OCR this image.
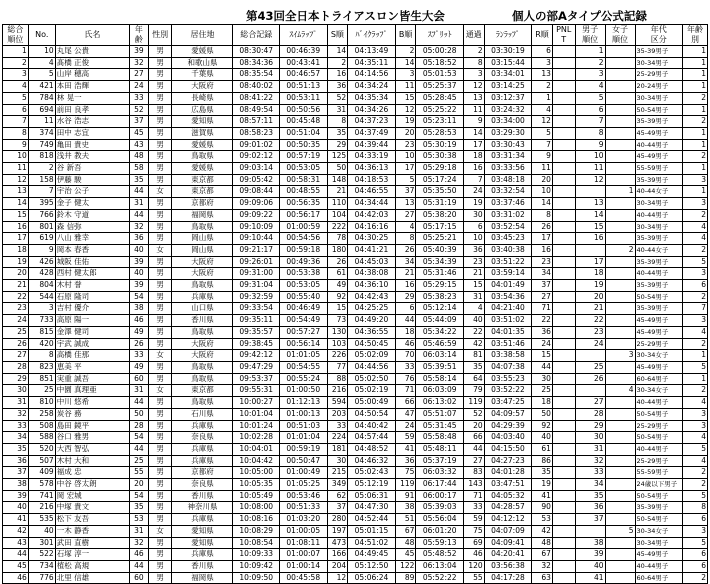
第43回全日本トライアスロン皆生大会	個人の部Aタイプ公式記録
総合
順位	No.	氏名	年
齢	性別	居住地	総合記録	ｽｲﾑﾗｯﾌﾟ	S順	ﾊﾞｲｸﾗｯﾌﾟ	B順	ｽﾌﾟﾘｯﾄ	通過	ﾗﾝﾗｯﾌﾟ	R順	PNL
T	男子
順位	女子
順位	年代
区分	年齢
別
1	10	丸尾 公貴	39	男	愛媛県	08:30:47	00:46:39	14	04:13:49	2	05:00:28	2	03:30:19	6		1		35-39男子	1
2	4	髙橋 正俊	32	男	和歌山県	08:34:36	00:43:41	2	04:35:11	14	05:18:52	8	03:15:44	3		2		30-34男子	1
3	5	山岸 穂高	27	男	千葉県	08:35:54	00:46:57	16	04:14:56	3	05:01:53	3	03:34:01	13		3		25-29男子	1
4	421	本田 浩輝	24	男	大阪府	08:40:02	00:51:13	36	04:34:24	11	05:25:37	12	03:14:25	2		4		20-24男子	1
5	784	林 晃一	33	男	長崎県	08:41:22	00:53:11	52	04:35:34	15	05:28:45	13	03:12:37	1		5		30-34男子	2
6	694	前田 良孝	52	男	広島県	08:49:54	00:50:56	31	04:34:26	12	05:25:22	11	03:24:32	4		6		50-54男子	1
7	11	水谷 浩志	37	男	愛知県	08:57:11	00:45:48	8	04:37:23	19	05:23:11	9	03:34:00	12		7		35-39男子	2
8	374	田中 志宜	45	男	滋賀県	08:58:23	00:51:04	35	04:37:49	20	05:28:53	14	03:29:30	5		8		45-49男子	1
9	749	亀田 貴史	43	男	愛媛県	09:01:02	00:50:35	29	04:39:44	23	05:30:19	17	03:30:43	7		9		40-44男子	1
10	818	浅井 教夫	48	男	鳥取県	09:02:12	00:57:19	125	04:33:19	10	05:30:38	18	03:31:34	9		10		45-49男子	2
11	2	谷 新吾	58	男	愛媛県	09:03:14	00:53:05	50	04:36:13	17	05:29:18	16	03:33:56	11		11		55-59男子	1
12	158	伊藤 駿	35	男	東京都	09:05:42	00:58:31	148	04:18:53	5	05:17:24	7	03:48:18	20		12		35-39男子	3
13	7	宇治 公子	44	女	東京都	09:08:44	00:48:55	21	04:46:55	37	05:35:50	24	03:32:54	10			1	40-44女子	1
14	395	金子 健太	31	男	京都府	09:09:06	00:56:35	110	04:34:44	13	05:31:19	19	03:37:46	14		13		30-34男子	3
15	766	鈴木 守道	44	男	福岡県	09:09:22	00:56:17	104	04:42:03	27	05:38:20	30	03:31:02	8		14		40-44男子	2
16	801	森 信弥	32	男	鳥取県	09:10:09	01:00:59	222	04:16:16	4	05:17:15	6	03:52:54	26		15		30-34男子	4
17	619	八山 雅幸	36	男	岡山県	09:10:44	00:54:56	78	04:30:25	8	05:25:21	10	03:45:23	17		16		35-39男子	4
18	9	岡本 春香	40	女	岡山県	09:21:17	00:59:18	180	04:41:21	26	05:40:39	36	03:40:38	16			2	40-44女子	2
19	426	城阪 佳佑	39	男	大阪府	09:26:01	00:49:36	26	04:45:03	34	05:34:39	23	03:51:22	23		17		35-39男子	5
20	428	西村 健太郎	40	男	大阪府	09:31:00	00:53:38	61	04:38:08	21	05:31:46	21	03:59:14	34		18		40-44男子	3
21	804	木村 誉	39	男	鳥取県	09:31:04	00:53:05	49	04:36:10	16	05:29:15	15	04:01:49	37		19		35-39男子	6
22	544	石原 隆司	54	男	兵庫県	09:32:59	00:55:40	92	04:42:43	29	05:38:23	31	03:54:36	27		20		50-54男子	2
23	3	吉村 優介	38	男	山口県	09:33:54	00:46:49	15	04:25:25	6	05:12:14	4	04:21:40	71		21		35-39男子	7
24	733	高原 陽一	46	男	香川県	09:35:11	00:54:49	73	04:49:20	44	05:44:09	40	03:51:02	22		22		45-49男子	3
25	815	金澤 健司	49	男	鳥取県	09:35:57	00:57:27	130	04:36:55	18	05:34:22	22	04:01:35	36		23		45-49男子	4
26	420	宇武 誠成	26	男	大阪府	09:38:45	00:56:14	103	04:50:45	46	05:46:59	42	03:51:46	24		24		25-29男子	2
27	8	高橋 佳那	33	女	大阪府	09:42:12	01:01:05	226	05:02:09	70	06:03:14	81	03:38:58	15			3	30-34女子	1
28	823	恵美 平	49	男	鳥取県	09:47:29	00:54:55	77	04:44:56	33	05:39:51	35	04:07:38	44		25		45-49男子	5
29	851	実重 誠吾	60	男	鳥取県	09:53:37	00:55:24	88	05:02:50	76	05:58:14	64	03:55:23	30		26		60-64男子	1
30	25	中園 真理亜	31	女	東京都	09:55:31	01:00:50	216	05:02:19	71	06:03:09	79	03:52:22	25			4	30-34女子	2
31	810	中川 悠希	44	男	鳥取県	10:00:27	01:12:13	594	05:00:49	66	06:13:02	119	03:47:25	18		27		40-44男子	4
32	258	炭谷 務	50	男	石川県	10:01:04	01:00:13	203	04:50:54	47	05:51:07	52	04:09:57	50		28		50-54男子	3
33	508	島田 鏡平	28	男	兵庫県	10:01:24	00:51:03	33	04:40:42	24	05:31:45	20	04:29:39	92		29		25-29男子	3
34	588	谷口 雅男	54	男	奈良県	10:02:28	01:01:04	224	04:57:44	59	05:58:48	66	04:03:40	40		30		50-54男子	4
35	520	大西 智弘	44	男	兵庫県	10:04:01	00:59:19	181	04:48:52	41	05:48:11	44	04:15:50	61		31		40-44男子	5
36	507	木村 大和	25	男	兵庫県	10:04:42	00:50:47	30	04:46:32	36	05:37:19	27	04:27:23	86		32		25-29男子	4
37	409	福成 忠	55	男	京都府	10:05:00	01:00:49	215	05:02:43	75	06:03:32	83	04:01:28	35		33		55-59男子	2
38	578	中谷 啓太朗	20	男	奈良県	10:05:35	01:05:25	349	05:12:19	119	06:17:44	143	03:47:51	19		34		24歳以下男子	2
39	741	岡 宏城	54	男	香川県	10:05:49	00:53:46	62	05:06:31	91	06:00:17	71	04:05:32	41		35		50-54男子	5
40	216	中塚 貴文	35	男	神奈川県	10:08:00	00:51:33	37	04:47:30	38	05:39:03	33	04:28:57	90		36		35-39男子	8
41	535	松下 友吾	53	男	兵庫県	10:08:16	01:03:20	280	04:52:44	51	05:56:04	59	04:12:12	53		37		50-54男子	6
42	40	一木 静香	31	女	愛知県	10:08:29	01:00:05	197	05:01:15	67	06:01:20	75	04:07:09	42			5	30-34女子	3
43	301	武田 直樹	32	男	愛知県	10:08:54	01:08:11	473	04:51:02	48	05:59:13	69	04:09:41	48		38		30-34男子	5
44	522	石塚 淳一	46	男	兵庫県	10:09:33	01:00:07	166	04:49:45	45	05:48:52	46	04:20:41	67		39		45-49男子	6
45	734	植松 高規	44	男	香川県	10:09:42	01:00:14	204	05:12:50	122	06:13:04	120	03:56:38	32		40		40-44男子	6
46	776	北里 信雄	60	男	福岡県	10:09:50	00:45:58	12	05:06:24	89	05:52:22	55	04:17:28	63		41		60-64男子	2
